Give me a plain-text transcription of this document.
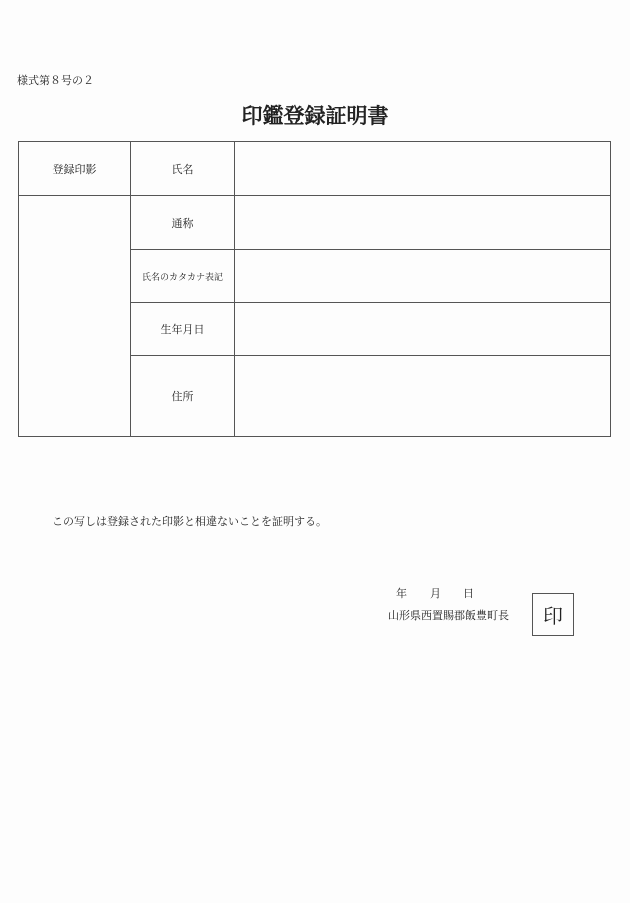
様式第８号の２
印鑑登録証明書
登録印影	氏名	
	通称	
	氏名のカタカナ表記	
	生年月日	
	住所	
この写しは登録された印影と相違ないことを証明する。
年 月 日
山形県西置賜郡飯豊町長 印
